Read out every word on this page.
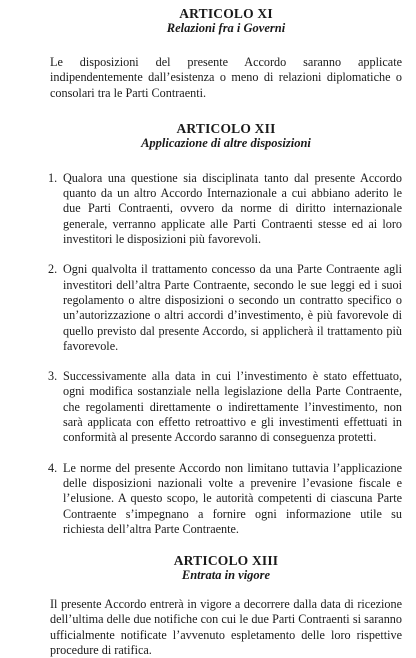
ARTICOLO XI
Relazioni fra i Governi

Le disposizioni del presente Accordo saranno applicate indipendentemente dall’esistenza o meno di relazioni diplomatiche o consolari tra le Parti Contraenti.

ARTICOLO XII
Applicazione di altre disposizioni
1. Qualora una questione sia disciplinata tanto dal presente Accordo quanto da un altro Accordo Internazionale a cui abbiano aderito le due Parti Contraenti, ovvero da norme di diritto internazionale generale, verranno applicate alle Parti Contraenti stesse ed ai loro investitori le disposizioni più favorevoli.
2. Ogni qualvolta il trattamento concesso da una Parte Contraente agli investitori dell’altra Parte Contraente, secondo le sue leggi ed i suoi regolamento o altre disposizioni o secondo un contratto specifico o un’autorizzazione o altri accordi d’investimento, è più favorevole di quello previsto dal presente Accordo, si applicherà il trattamento più favorevole.
3. Successivamente alla data in cui l’investimento è stato effettuato, ogni modifica sostanziale nella legislazione della Parte Contraente, che regolamenti direttamente o indirettamente l’investimento, non sarà applicata con effetto retroattivo e gli investimenti effettuati in conformità al presente Accordo saranno di conseguenza protetti.
4. Le norme del presente Accordo non limitano tuttavia l’applicazione delle disposizioni nazionali volte a prevenire l’evasione fiscale e l’elusione. A questo scopo, le autorità competenti di ciascuna Parte Contraente s’impegnano a fornire ogni informazione utile su richiesta dell’altra Parte Contraente.
ARTICOLO XIII
Entrata in vigore

Il presente Accordo entrerà in vigore a decorrere dalla data di ricezione dell’ultima delle due notifiche con cui le due Parti Contraenti si saranno ufficialmente notificate l’avvenuto espletamento delle loro rispettive procedure di ratifica.
